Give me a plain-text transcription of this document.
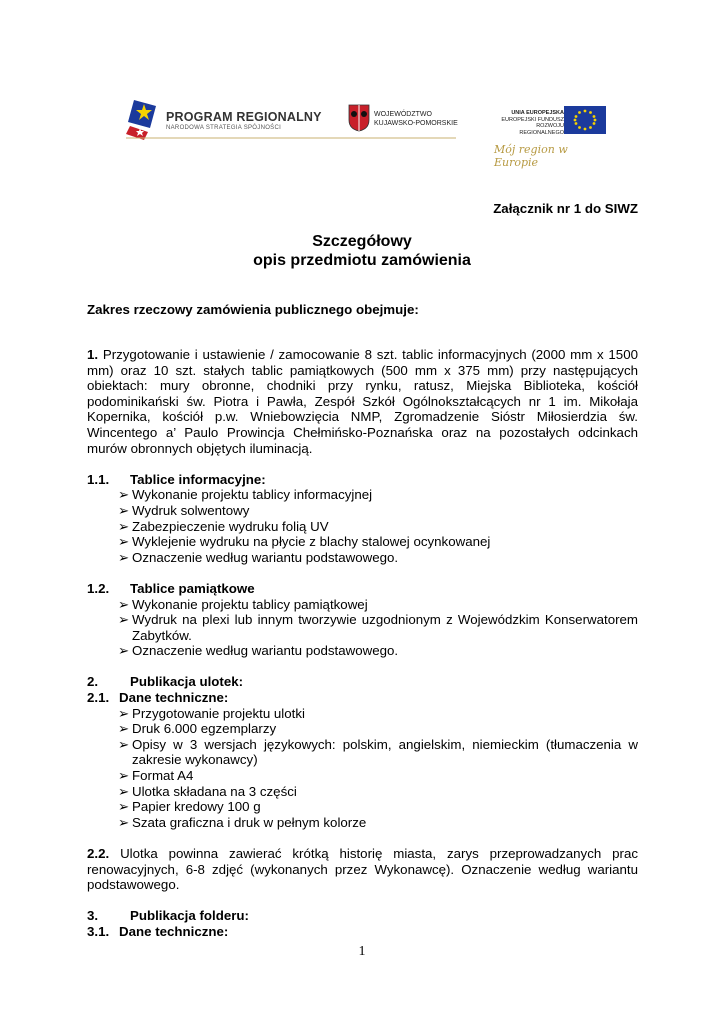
PROGRAM REGIONALNY
NARODOWA STRATEGIA SPÓJNOŚCI
WOJEWÓDZTWO
KUJAWSKO-POMORSKIE
UNIA EUROPEJSKA
EUROPEJSKI FUNDUSZ
ROZWOJU REGIONALNEGO
Mój region w Europie
Załącznik nr 1 do SIWZ
Szczegółowy
opis przedmiotu zamówienia
Zakres rzeczowy zamówienia publicznego obejmuje:

1. Przygotowanie i ustawienie / zamocowanie 8 szt. tablic informacyjnych (2000 mm x 1500 mm) oraz 10 szt. stałych tablic pamiątkowych (500 mm x 375 mm) przy następujących obiektach: mury obronne, chodniki przy rynku, ratusz, Miejska Biblioteka, kościół podominikański św. Piotra i Pawła, Zespół Szkół Ogólnokształcących nr 1 im. Mikołaja Kopernika, kościół p.w. Wniebowzięcia NMP, Zgromadzenie Sióstr Miłosierdzia św. Wincentego a’ Paulo Prowincja Chełmińsko-Poznańska oraz na pozostałych odcinkach murów obronnych objętych iluminacją.

1.1.	Tablice informacyjne:
➢ Wykonanie projektu tablicy informacyjnej
➢ Wydruk solwentowy
➢ Zabezpieczenie wydruku folią UV
➢ Wyklejenie wydruku na płycie z blachy stalowej ocynkowanej
➢ Oznaczenie według wariantu podstawowego.
1.2.	Tablice pamiątkowe
➢ Wykonanie projektu tablicy pamiątkowej
➢ Wydruk na plexi lub innym tworzywie uzgodnionym z Wojewódzkim Konserwatorem Zabytków.
➢ Oznaczenie według wariantu podstawowego.
2.	Publikacja ulotek:
2.1. Dane techniczne:
➢ Przygotowanie projektu ulotki
➢ Druk 6.000 egzemplarzy
➢ Opisy w 3 wersjach językowych: polskim, angielskim, niemieckim (tłumaczenia w zakresie wykonawcy)
➢ Format A4
➢ Ulotka składana na 3 części
➢ Papier kredowy 100 g
➢ Szata graficzna i druk w pełnym kolorze

2.2. Ulotka powinna zawierać krótką historię miasta, zarys przeprowadzanych prac renowacyjnych, 6-8 zdjęć (wykonanych przez Wykonawcę). Oznaczenie według wariantu podstawowego.

3.	Publikacja folderu:
3.1. Dane techniczne:
1
